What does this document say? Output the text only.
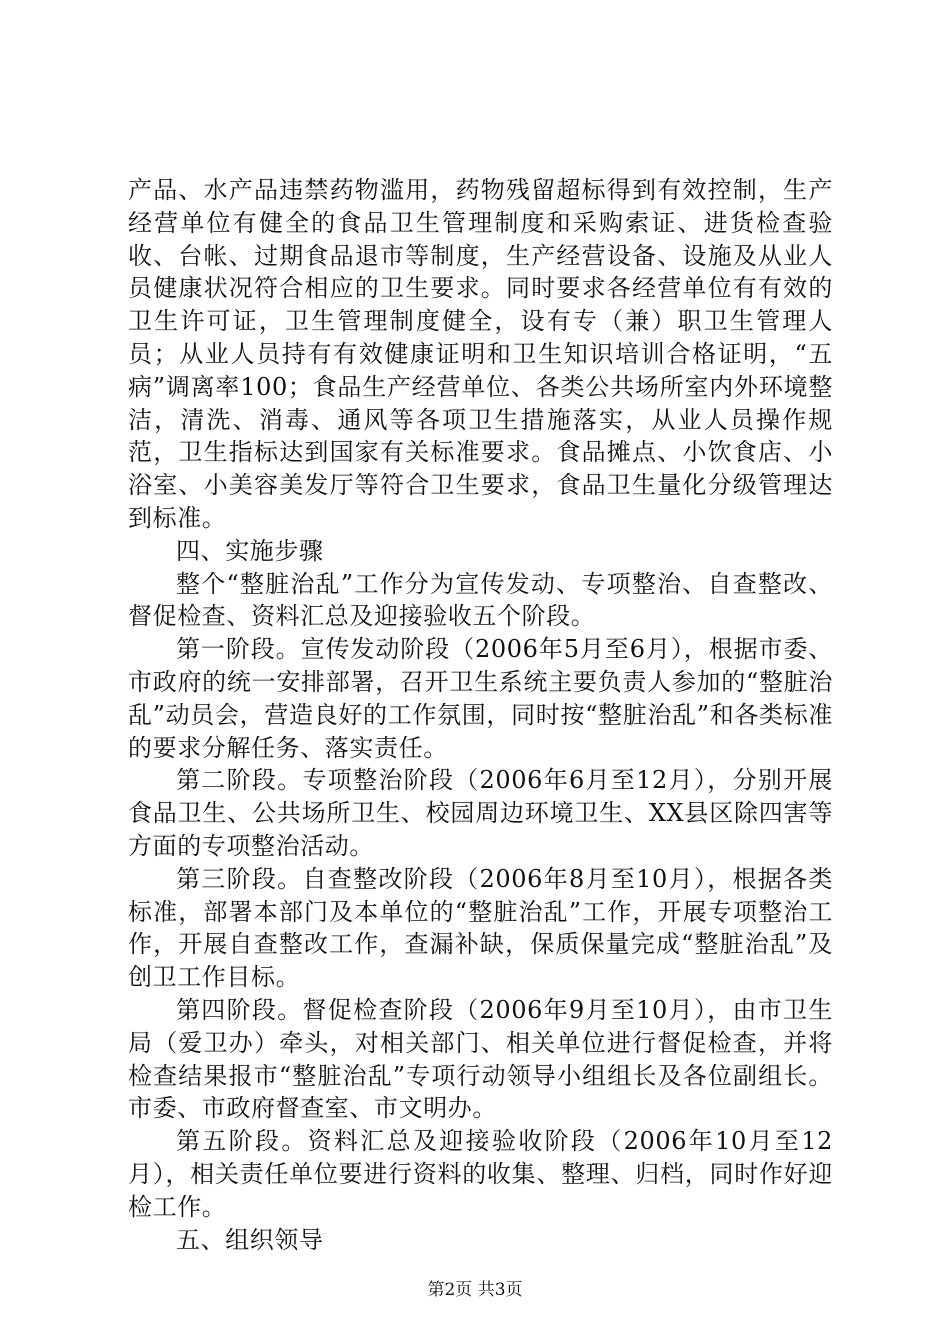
产品、水产品违禁药物滥用，药物残留超标得到有效控制，生产经营单位有健全的食品卫生管理制度和采购索证、进货检查验收、台帐、过期食品退市等制度，生产经营设备、设施及从业人员健康状况符合相应的卫生要求。同时要求各经营单位有有效的卫生许可证，卫生管理制度健全，设有专（兼）职卫生管理人员；从业人员持有有效健康证明和卫生知识培训合格证明，“五病”调离率100；食品生产经营单位、各类公共场所室内外环境整洁，清洗、消毒、通风等各项卫生措施落实，从业人员操作规范，卫生指标达到国家有关标准要求。食品摊点、小饮食店、小浴室、小美容美发厅等符合卫生要求，食品卫生量化分级管理达到标准。

四、实施步骤

整个“整脏治乱”工作分为宣传发动、专项整治、自查整改、督促检查、资料汇总及迎接验收五个阶段。

第一阶段。宣传发动阶段（2006年5月至6月），根据市委、市政府的统一安排部署，召开卫生系统主要负责人参加的“整脏治乱”动员会，营造良好的工作氛围，同时按“整脏治乱”和各类标准的要求分解任务、落实责任。

第二阶段。专项整治阶段（2006年6月至12月），分别开展食品卫生、公共场所卫生、校园周边环境卫生、XX县区除四害等方面的专项整治活动。

第三阶段。自查整改阶段（2006年8月至10月），根据各类标准，部署本部门及本单位的“整脏治乱”工作，开展专项整治工作，开展自查整改工作，查漏补缺，保质保量完成“整脏治乱”及创卫工作目标。

第四阶段。督促检查阶段（2006年9月至10月），由市卫生局（爱卫办）牵头，对相关部门、相关单位进行督促检查，并将检查结果报市“整脏治乱”专项行动领导小组组长及各位副组长。市委、市政府督查室、市文明办。

第五阶段。资料汇总及迎接验收阶段（2006年10月至12月），相关责任单位要进行资料的收集、整理、归档，同时作好迎检工作。

五、组织领导

第2页 共3页
